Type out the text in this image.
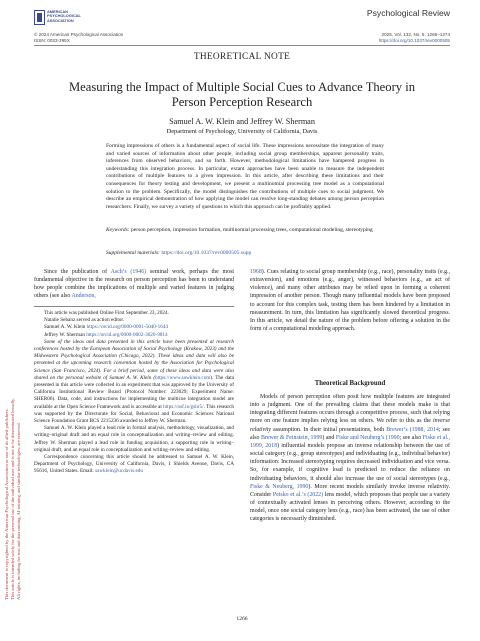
This document is copyrighted by the American Psychological Association or one of its allied publishers. This article is intended solely for the personal use of the individual user and is not to be disseminated broadly. All rights, including for text and data mining, AI training, and similar technologies, are reserved.
AMERICAN
PSYCHOLOGICAL
ASSOCIATION
© 2024 American Psychological Association
ISSN: 0033-295X
Psychological Review
2025, Vol. 132, No. 5, 1266–1274
https://doi.org/10.1037/rev0000505
THEORETICAL NOTE
Measuring the Impact of Multiple Social Cues to Advance Theory in Person Perception Research
Samuel A. W. Klein and Jeffrey W. Sherman
Department of Psychology, University of California, Davis
Forming impressions of others is a fundamental aspect of social life. These impressions necessitate the integration of many and varied sources of information about other people, including social group memberships, apparent personality traits, inferences from observed behaviors, and so forth. However, methodological limitations have hampered progress in understanding this integration process. In particular, extant approaches have been unable to measure the independent contributions of multiple features to a given impression. In this article, after describing these limitations and their consequences for theory testing and development, we present a multinomial processing tree model as a computational solution to the problem. Specifically, the model distinguishes the contributions of multiple cues to social judgment. We describe an empirical demonstration of how applying the model can resolve long-standing debates among person perception researchers. Finally, we survey a variety of questions to which this approach can be profitably applied.
Keywords: person perception, impression formation, multinomial processing trees, computational modeling, stereotyping
Supplemental materials: https://doi.org/10.1037/rev0000505.supp
Since the publication of Asch’s (1946) seminal work, perhaps the most fundamental objective in the research on person perception has been to understand how people combine the implications of multiple and varied features in judging others (see also Anderson,
This article was published Online First September 23, 2024.
Natalie Sebanz served as action editor.
Samuel A. W. Klein https://orcid.org/0000-0001-5040-1644
Jeffrey W. Sherman https://orcid.org/0000-0002-3020-9814
Some of the ideas and data presented in this article have been presented at research conferences hosted by the European Association of Social Psychology (Krakow, 2023) and the Midwestern Psychological Association (Chicago, 2022). These ideas and data will also be presented at the upcoming research convention hosted by the Association for Psychological Science (San Francisco, 2024). For a brief period, some of these ideas and data were also shared on the personal website of Samuel A. W. Klein (https://www.sawklein.com). The data presented in this article were collected in an experiment that was approved by the University of California Institutional Review Board (Protocol Number: 223029; Experiment Name: SHER06). Data, code, and instructions for implementing the multicue integration model are available at the Open Science Framework and is accessible at https://osf.io/gshr5/. This research was supported by the Directorate for Social, Behavioral and Economic Sciences National Science Foundation Grant BCS 2215236 awarded to Jeffrey W. Sherman.
Samuel A. W. Klein played a lead role in formal analysis, methodology, visualization, and writing–original draft and an equal role in conceptualization and writing–review and editing. Jeffrey W. Sherman played a lead role in funding acquisition, a supporting role in writing–original draft, and an equal role in conceptualization and writing–review and editing.
Correspondence concerning this article should be addressed to Samuel A. W. Klein, Department of Psychology, University of California, Davis, 1 Shields Avenue, Davis, CA 95616, United States. Email: sawklein@ucdavis.edu
1968). Cues relating to social group membership (e.g., race), personality traits (e.g., extraversion), and emotions (e.g., anger), witnessed behaviors (e.g., an act of violence), and many other attributes may be relied upon in forming a coherent impression of another person. Though many influential models have been proposed to account for this complex task, testing them has been hindered by a limitation in measurement. In turn, this limitation has significantly slowed theoretical progress. In this article, we detail the nature of the problem before offering a solution in the form of a computational modeling approach.
Theoretical Background
Models of person perception often posit how multiple features are integrated into a judgment. One of the prevailing claims that these models make is that integrating different features occurs through a competitive process, such that relying more on one feature implies relying less on others. We refer to this as the inverse relativity assumption. In their initial presentations, both Brewer’s (1988, 2014; see also Brewer & Feinstein, 1999) and Fiske and Neuberg’s (1990; see also Fiske et al., 1999, 2018) influential models propose an inverse relationship between the use of social category (e.g., group stereotypes) and individuating (e.g., individual behavior) information: Increased stereotyping requires decreased individuation and vice versa. So, for example, if cognitive load is predicted to reduce the reliance on individuating behaviors, it should also increase the use of social stereotypes (e.g., Fiske & Neuberg, 1990). More recent models similarly invoke inverse relativity. Consider Petsko et al.’s (2022) lens model, which proposes that people use a variety of contextually activated lenses in perceiving others. However, according to the model, once one social category lens (e.g., race) has been activated, the use of other categories is necessarily diminished.
1266
